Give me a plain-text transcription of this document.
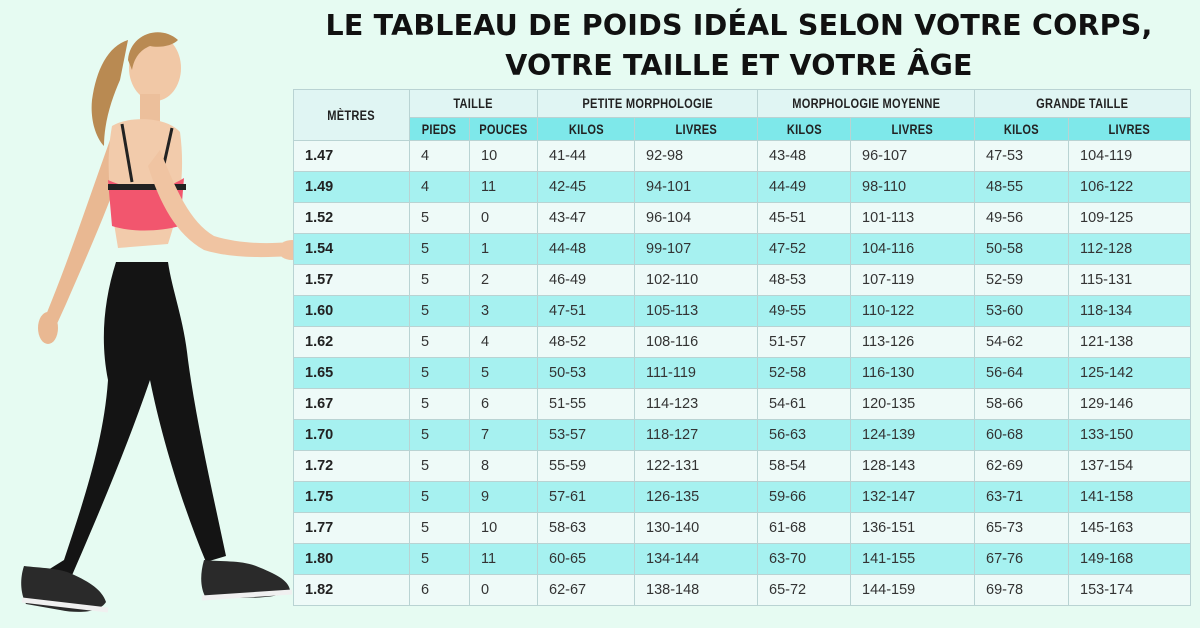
LE TABLEAU DE POIDS IDÉAL SELON VOTRE CORPS,
VOTRE TAILLE ET VOTRE ÂGE
MÈTRES	TAILLE		PETITE MORPHOLOGIE		MORPHOLOGIE MOYENNE		GRANDE TAILLE	
	PIEDS	POUCES	KILOS	LIVRES	KILOS	LIVRES	KILOS	LIVRES
1.47	4	10	41-44	92-98	43-48	96-107	47-53	104-119
1.49	4	11	42-45	94-101	44-49	98-110	48-55	106-122
1.52	5	0	43-47	96-104	45-51	101-113	49-56	109-125
1.54	5	1	44-48	99-107	47-52	104-116	50-58	112-128
1.57	5	2	46-49	102-110	48-53	107-119	52-59	115-131
1.60	5	3	47-51	105-113	49-55	110-122	53-60	118-134
1.62	5	4	48-52	108-116	51-57	113-126	54-62	121-138
1.65	5	5	50-53	111-119	52-58	116-130	56-64	125-142
1.67	5	6	51-55	114-123	54-61	120-135	58-66	129-146
1.70	5	7	53-57	118-127	56-63	124-139	60-68	133-150
1.72	5	8	55-59	122-131	58-54	128-143	62-69	137-154
1.75	5	9	57-61	126-135	59-66	132-147	63-71	141-158
1.77	5	10	58-63	130-140	61-68	136-151	65-73	145-163
1.80	5	11	60-65	134-144	63-70	141-155	67-76	149-168
1.82	6	0	62-67	138-148	65-72	144-159	69-78	153-174
